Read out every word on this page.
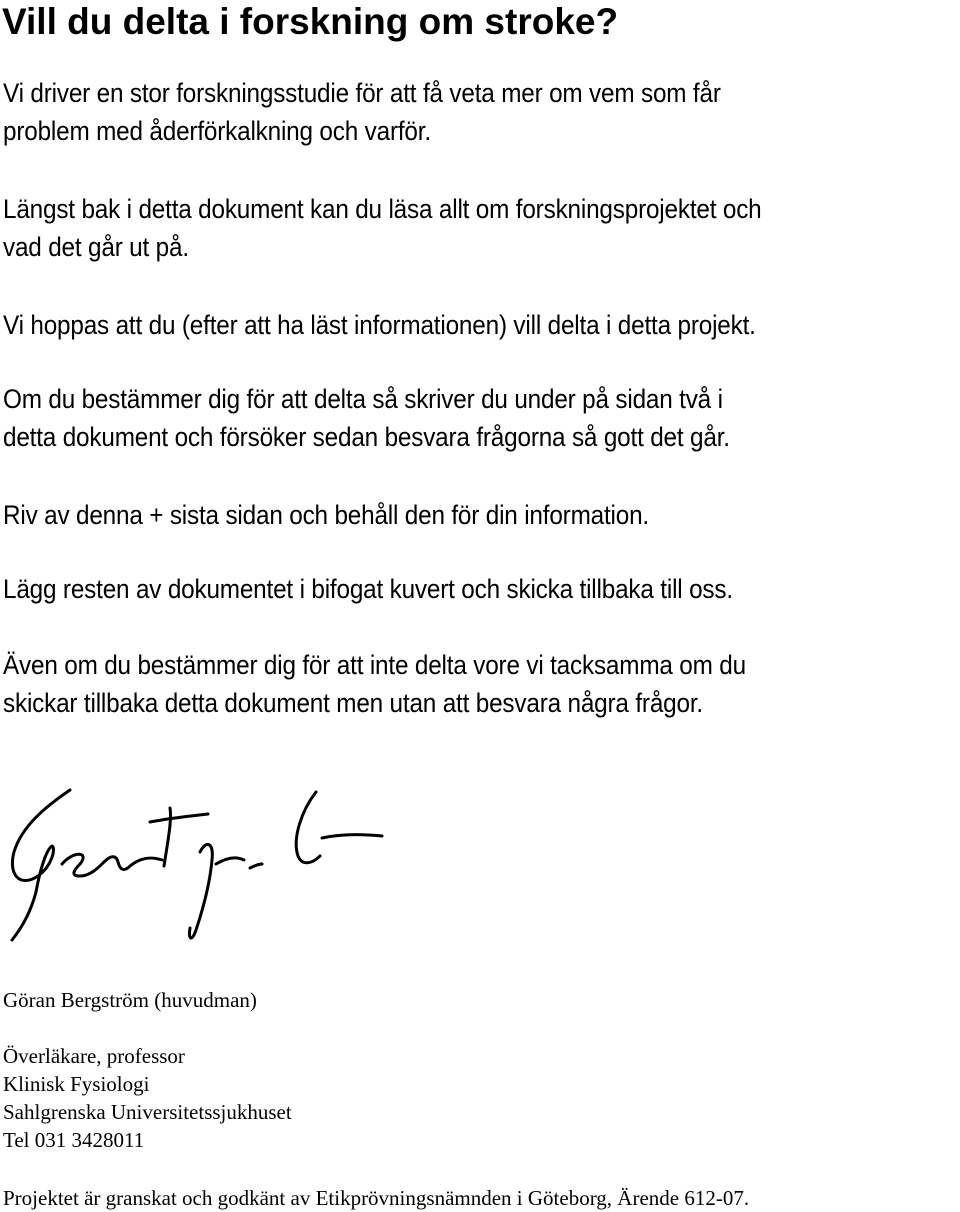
Vill du delta i forskning om stroke?

Vi driver en stor forskningsstudie för att få veta mer om vem som får
problem med åderförkalkning och varför.

Längst bak i detta dokument kan du läsa allt om forskningsprojektet och
vad det går ut på.

Vi hoppas att du (efter att ha läst informationen) vill delta i detta projekt.

Om du bestämmer dig för att delta så skriver du under på sidan två i
detta dokument och försöker sedan besvara frågorna så gott det går.

Riv av denna + sista sidan och behåll den för din information.

Lägg resten av dokumentet i bifogat kuvert och skicka tillbaka till oss.

Även om du bestämmer dig för att inte delta vore vi tacksamma om du
skickar tillbaka detta dokument men utan att besvara några frågor.

Göran Bergström (huvudman)
Överläkare, professor
Klinisk Fysiologi
Sahlgrenska Universitetssjukhuset
Tel 031 3428011
Projektet är granskat och godkänt av Etikprövningsnämnden i Göteborg, Ärende 612-07.
